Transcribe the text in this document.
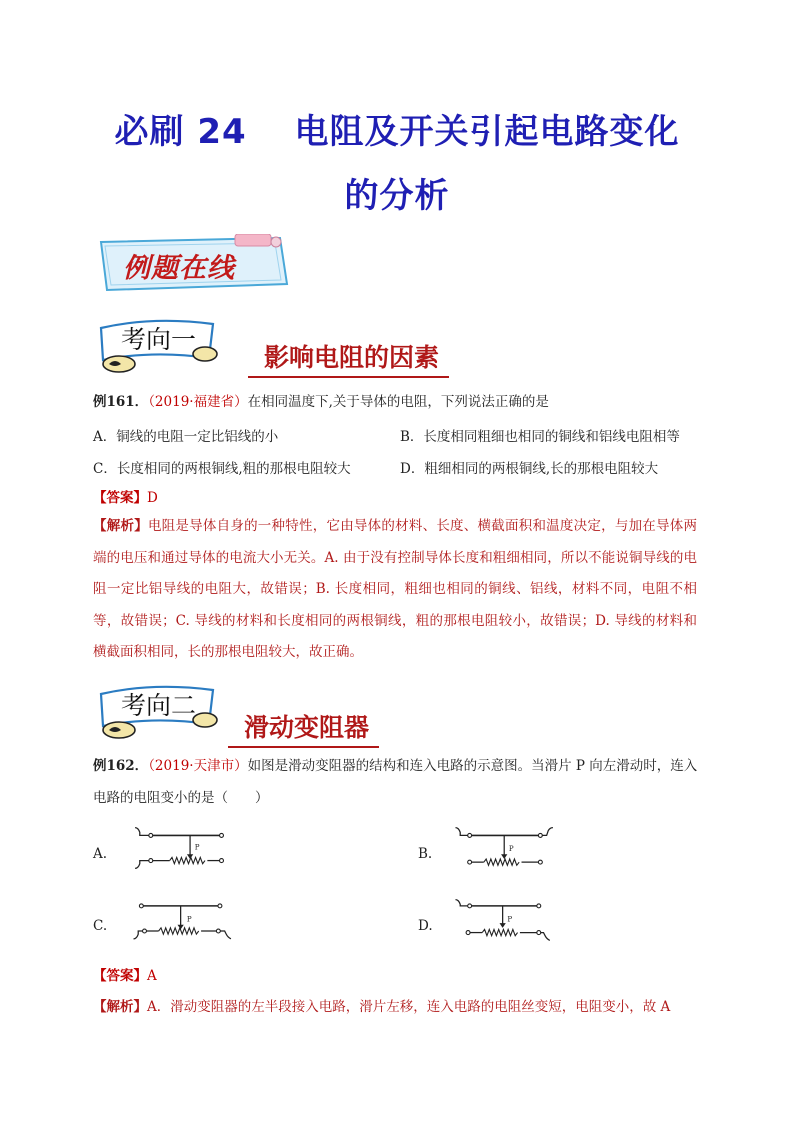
必刷 24　 电阻及开关引起电路变化
的分析
例题在线
考向一
影响电阻的因素
例161．（2019·福建省）在相同温度下,关于导体的电阻，下列说法正确的是
A．铜线的电阻一定比铝线的小	B．长度相同粗细也相同的铜线和铝线电阻相等
C．长度相同的两根铜线,粗的那根电阻较大	D．粗细相同的两根铜线,长的那根电阻较大
【答案】D
【解析】电阻是导体自身的一种特性，它由导体的材料、长度、横截面积和温度决定，与加在导体两端的电压和通过导体的电流大小无关。A. 由于没有控制导体长度和粗细相同，所以不能说铜导线的电阻一定比铝导线的电阻大，故错误；B. 长度相同，粗细也相同的铜线、铝线，材料不同，电阻不相等，故错误；C. 导线的材料和长度相同的两根铜线，粗的那根电阻较小，故错误；D. 导线的材料和横截面积相同，长的那根电阻较大，故正确。
考向二
滑动变阻器
例162．（2019·天津市）如图是滑动变阻器的结构和连入电路的示意图。当滑片 P 向左滑动时，连入
电路的电阻变小的是（　　）
A.	B.
C.	D.
P	P
P	P
【答案】A
【解析】A．滑动变阻器的左半段接入电路，滑片左移，连入电路的电阻丝变短，电阻变小，故 A
